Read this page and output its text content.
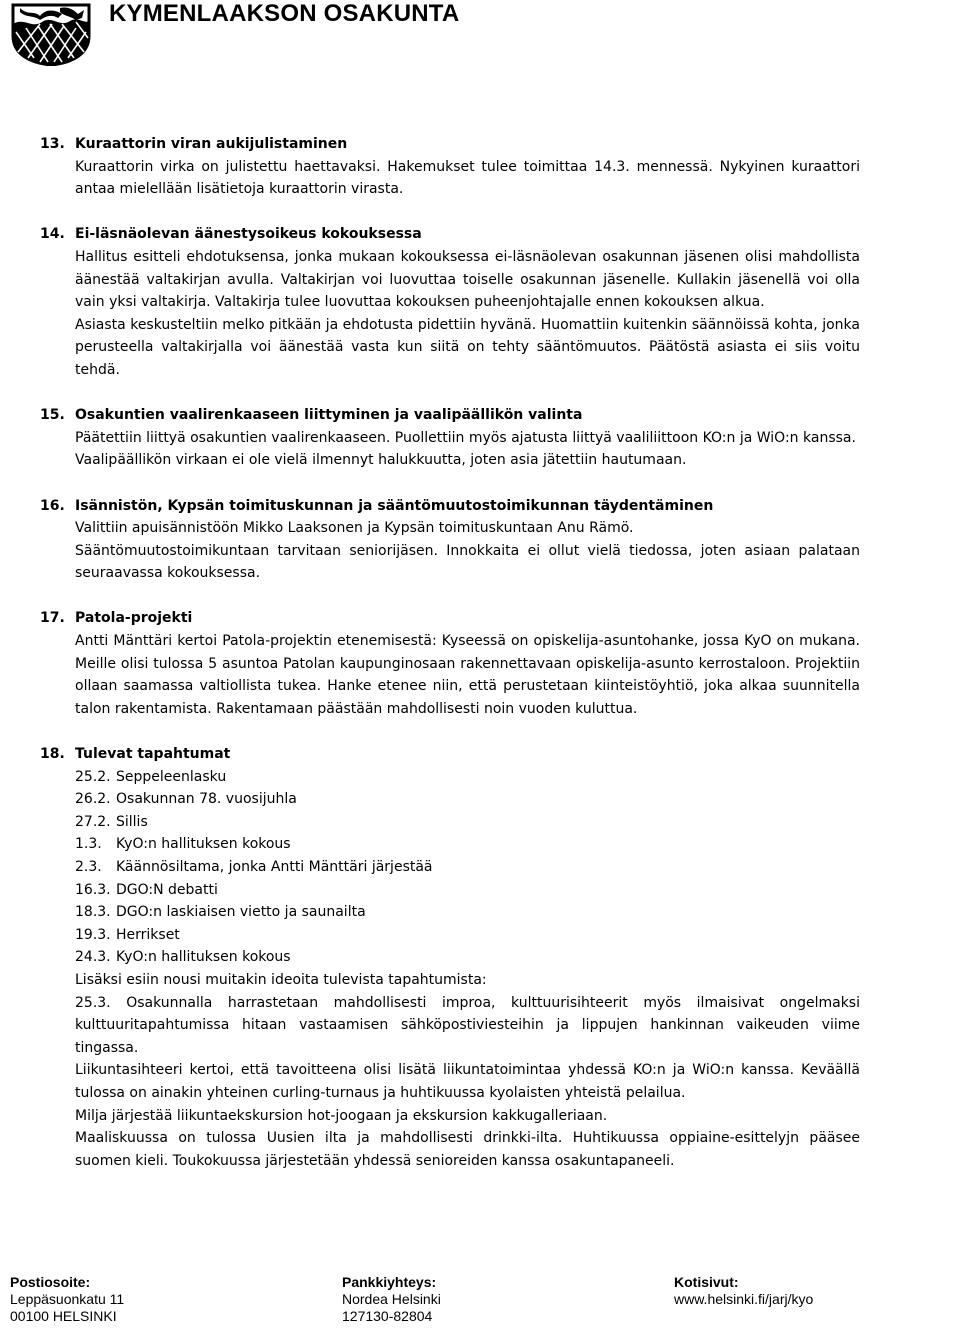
KYMENLAAKSON OSAKUNTA
13. Kuraattorin viran aukijulistaminen

Kuraattorin virka on julistettu haettavaksi. Hakemukset tulee toimittaa 14.3. mennessä. Nykyinen kuraattori antaa mielellään lisätietoja kuraattorin virasta.

14. Ei-läsnäolevan äänestysoikeus kokouksessa

Hallitus esitteli ehdotuksensa, jonka mukaan kokouksessa ei-läsnäolevan osakunnan jäsenen olisi mahdollista äänestää valtakirjan avulla. Valtakirjan voi luovuttaa toiselle osakunnan jäsenelle. Kullakin jäsenellä voi olla vain yksi valtakirja. Valtakirja tulee luovuttaa kokouksen puheenjohtajalle ennen kokouksen alkua.

Asiasta keskusteltiin melko pitkään ja ehdotusta pidettiin hyvänä. Huomattiin kuitenkin säännöissä kohta, jonka perusteella valtakirjalla voi äänestää vasta kun siitä on tehty sääntömuutos. Päätöstä asiasta ei siis voitu tehdä.

15. Osakuntien vaalirenkaaseen liittyminen ja vaalipäällikön valinta

Päätettiin liittyä osakuntien vaalirenkaaseen. Puollettiin myös ajatusta liittyä vaaliliittoon KO:n ja WiO:n kanssa.

Vaalipäällikön virkaan ei ole vielä ilmennyt halukkuutta, joten asia jätettiin hautumaan.

16. Isännistön, Kypsän toimituskunnan ja sääntömuutostoimikunnan täydentäminen

Valittiin apuisännistöön Mikko Laaksonen ja Kypsän toimituskuntaan Anu Rämö.

Sääntömuutostoimikuntaan tarvitaan seniorijäsen. Innokkaita ei ollut vielä tiedossa, joten asiaan palataan seuraavassa kokouksessa.

17. Patola-projekti

Antti Mänttäri kertoi Patola-projektin etenemisestä: Kyseessä on opiskelija-asuntohanke, jossa KyO on mukana. Meille olisi tulossa 5 asuntoa Patolan kaupunginosaan rakennettavaan opiskelija-asunto kerrostaloon. Projektiin ollaan saamassa valtiollista tukea. Hanke etenee niin, että perustetaan kiinteistöyhtiö, joka alkaa suunnitella talon rakentamista. Rakentamaan päästään mahdollisesti noin vuoden kuluttua.

18. Tulevat tapahtumat
25.2. Seppeleenlasku
26.2. Osakunnan 78. vuosijuhla
27.2. Sillis
1.3.	KyO:n hallituksen kokous
2.3.	Käännösiltama, jonka Antti Mänttäri järjestää
16.3. DGO:N debatti
18.3. DGO:n laskiaisen vietto ja saunailta
19.3. Herrikset
24.3. KyO:n hallituksen kokous

Lisäksi esiin nousi muitakin ideoita tulevista tapahtumista:

25.3. Osakunnalla harrastetaan mahdollisesti improa, kulttuurisihteerit myös ilmaisivat ongelmaksi kulttuuritapahtumissa hitaan vastaamisen sähköpostiviesteihin ja lippujen hankinnan vaikeuden viime tingassa.

Liikuntasihteeri kertoi, että tavoitteena olisi lisätä liikuntatoimintaa yhdessä KO:n ja WiO:n kanssa. Keväällä tulossa on ainakin yhteinen curling-turnaus ja huhtikuussa kyolaisten yhteistä pelailua.

Milja järjestää liikuntaekskursion hot-joogaan ja ekskursion kakkugalleriaan.

Maaliskuussa on tulossa Uusien ilta ja mahdollisesti drinkki-ilta. Huhtikuussa oppiaine-esittelyjn pääsee suomen kieli. Toukokuussa järjestetään yhdessä senioreiden kanssa osakuntapaneeli.

Postiosoite:
Leppäsuonkatu 11
00100 HELSINKI
Pankkiyhteys:
Nordea Helsinki
127130-82804
Kotisivut:
www.helsinki.fi/jarj/kyo
